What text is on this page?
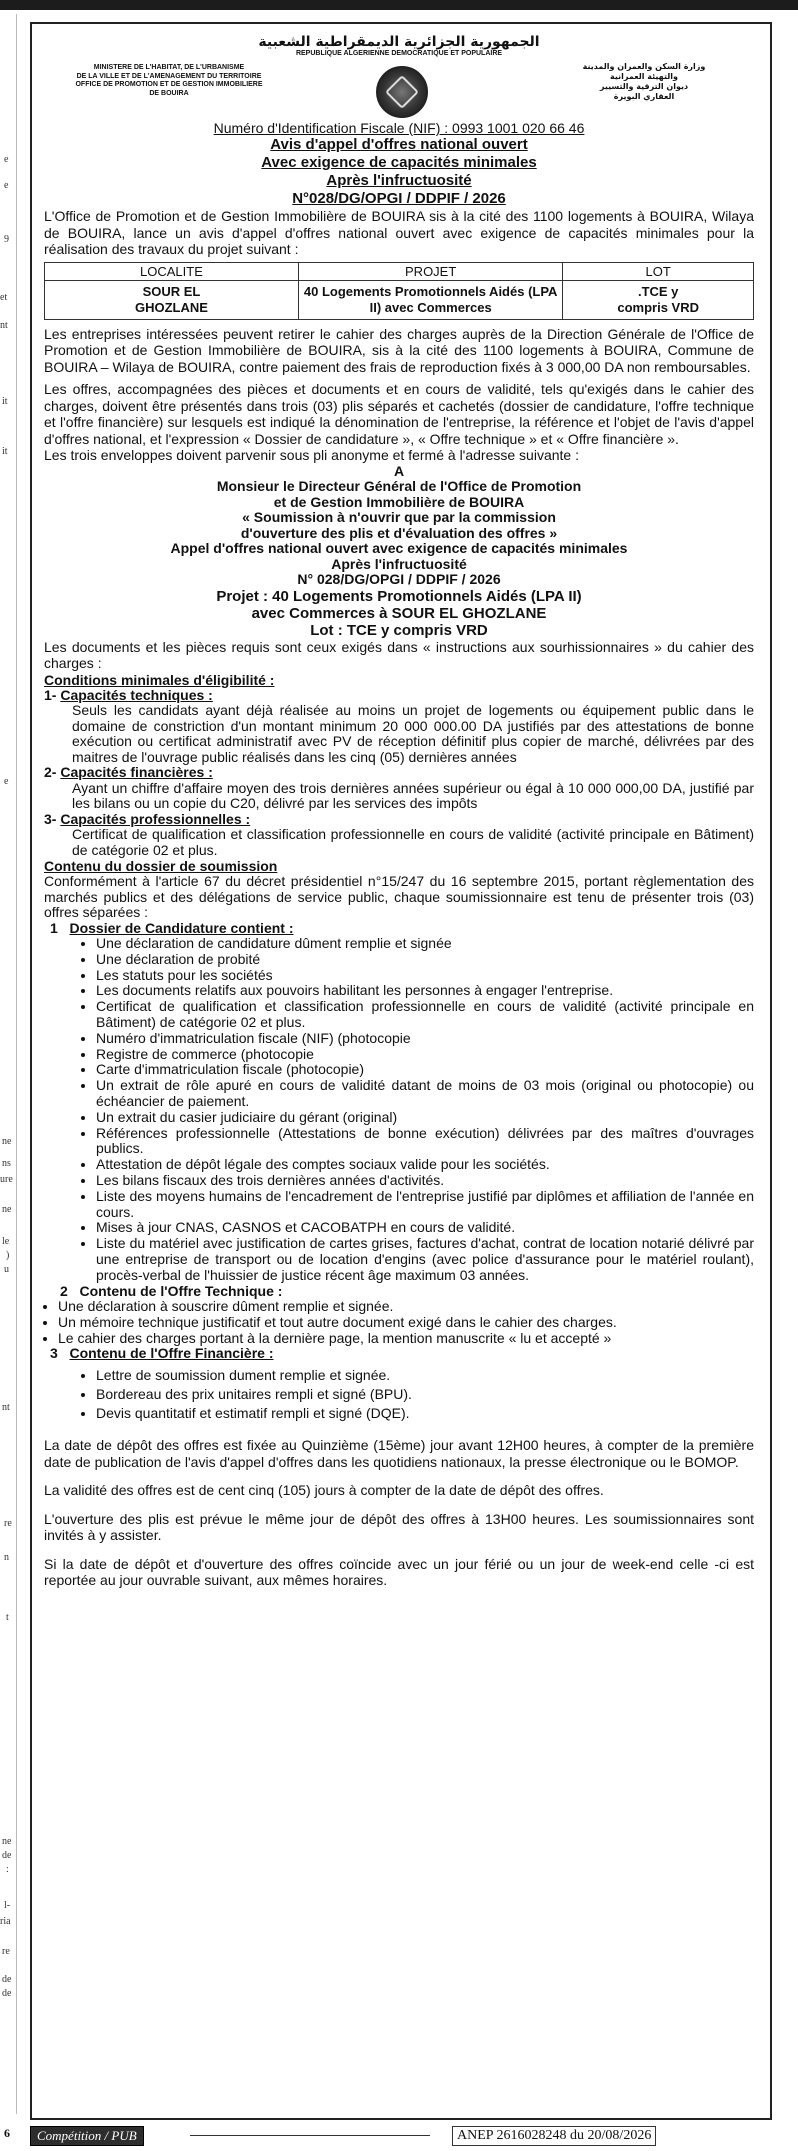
e
e
9
et
nt
it
it
e
ne
ns
ure
ne
le
)
u
nt
re
n
t
ne
de
:
l-
ria
re
de
de
الجمهورية الجزائرية الديمقراطية الشعبية
REPUBLIQUE ALGERIENNE DEMOCRATIQUE ET POPULAIRE
MINISTERE DE L'HABITAT, DE L'URBANISME
DE LA VILLE ET DE L'AMENAGEMENT DU TERRITOIRE
OFFICE DE PROMOTION ET DE GESTION IMMOBILIERE
DE BOUIRA
وزارة السكن والعمران والمدينة
والتهيئة العمرانية
ديوان الترقية والتسيير
العقاري البويرة
Numéro d'Identification Fiscale (NIF) : 0993 1001 020 66 46
Avis d'appel d'offres national ouvert
Avec exigence de capacités minimales
Après l'infructuosité
N°028/DG/OPGI / DDPIF / 2026
L'Office de Promotion et de Gestion Immobilière de BOUIRA sis à la cité des 1100 logements à BOUIRA, Wilaya de BOUIRA, lance un avis d'appel d'offres national ouvert avec exigence de capacités minimales pour la réalisation des travaux du projet suivant :
LOCALITE	PROJET	LOT
SOUR EL GHOZLANE	40 Logements Promotionnels Aidés (LPA II) avec Commerces	.TCE y compris VRD
Les entreprises intéressées peuvent retirer le cahier des charges auprès de la Direction Générale de l'Office de Promotion et de Gestion Immobilière de BOUIRA, sis à la cité des 1100 logements à BOUIRA, Commune de BOUIRA – Wilaya de BOUIRA, contre paiement des frais de reproduction fixés à 3 000,00 DA non remboursables.
Les offres, accompagnées des pièces et documents et en cours de validité, tels qu'exigés dans le cahier des charges, doivent être présentés dans trois (03) plis séparés et cachetés (dossier de candidature, l'offre technique et l'offre financière) sur lesquels est indiqué la dénomination de l'entreprise, la référence et l'objet de l'avis d'appel d'offres national, et l'expression « Dossier de candidature », « Offre technique » et « Offre financière ».
Les trois enveloppes doivent parvenir sous pli anonyme et fermé à l'adresse suivante :
A
Monsieur le Directeur Général de l'Office de Promotion
et de Gestion Immobilière de BOUIRA
« Soumission à n'ouvrir que par la commission
d'ouverture des plis et d'évaluation des offres »
Appel d'offres national ouvert avec exigence de capacités minimales
Après l'infructuosité
N° 028/DG/OPGI / DDPIF / 2026
Projet : 40 Logements Promotionnels Aidés (LPA II)
avec Commerces à SOUR EL GHOZLANE
Lot : TCE y compris VRD
Les documents et les pièces requis sont ceux exigés dans « instructions aux sourhissionnaires » du cahier des charges :
Conditions minimales d'éligibilité :
1- Capacités techniques :
Seuls les candidats ayant déjà réalisée au moins un projet de logements ou équipement public dans le domaine de constriction d'un montant minimum 20 000 000.00 DA justifiés par des attestations de bonne exécution ou certificat administratif avec PV de réception définitif plus copier de marché, délivrées par des maitres de l'ouvrage public réalisés dans les cinq (05) dernières années
2- Capacités financières :
Ayant un chiffre d'affaire moyen des trois dernières années supérieur ou égal à 10 000 000,00 DA, justifié par les bilans ou un copie du C20, délivré par les services des impôts
3- Capacités professionnelles :
Certificat de qualification et classification professionnelle en cours de validité (activité principale en Bâtiment) de catégorie 02 et plus.
Contenu du dossier de soumission
Conformément à l'article 67 du décret présidentiel n°15/247 du 16 septembre 2015, portant règlementation des marchés publics et des délégations de service public, chaque soumissionnaire est tenu de présenter trois (03) offres séparées :
1 Dossier de Candidature contient :
• Une déclaration de candidature dûment remplie et signée
• Une déclaration de probité
• Les statuts pour les sociétés
• Les documents relatifs aux pouvoirs habilitant les personnes à engager l'entreprise.
• Certificat de qualification et classification professionnelle en cours de validité (activité principale en Bâtiment) de catégorie 02 et plus.
• Numéro d'immatriculation fiscale (NIF) (photocopie
• Registre de commerce (photocopie
• Carte d'immatriculation fiscale (photocopie)
• Un extrait de rôle apuré en cours de validité datant de moins de 03 mois (original ou photocopie) ou échéancier de paiement.
• Un extrait du casier judiciaire du gérant (original)
• Références professionnelle (Attestations de bonne exécution) délivrées par des maîtres d'ouvrages publics.
• Attestation de dépôt légale des comptes sociaux valide pour les sociétés.
• Les bilans fiscaux des trois dernières années d'activités.
• Liste des moyens humains de l'encadrement de l'entreprise justifié par diplômes et affiliation de l'année en cours.
• Mises à jour CNAS, CASNOS et CACOBATPH en cours de validité.
• Liste du matériel avec justification de cartes grises, factures d'achat, contrat de location notarié délivré par une entreprise de transport ou de location d'engins (avec police d'assurance pour le matériel roulant), procès-verbal de l'huissier de justice récent âge maximum 03 années.
2 Contenu de l'Offre Technique :
• Une déclaration à souscrire dûment remplie et signée.
• Un mémoire technique justificatif et tout autre document exigé dans le cahier des charges.
• Le cahier des charges portant à la dernière page, la mention manuscrite « lu et accepté »
3 Contenu de l'Offre Financière :
• Lettre de soumission dument remplie et signée.
• Bordereau des prix unitaires rempli et signé (BPU).
• Devis quantitatif et estimatif rempli et signé (DQE).
La date de dépôt des offres est fixée au Quinzième (15ème) jour avant 12H00 heures, à compter de la première date de publication de l'avis d'appel d'offres dans les quotidiens nationaux, la presse électronique ou le BOMOP.
La validité des offres est de cent cinq (105) jours à compter de la date de dépôt des offres.
L'ouverture des plis est prévue le même jour de dépôt des offres à 13H00 heures. Les soumissionnaires sont invités à y assister.
Si la date de dépôt et d'ouverture des offres coïncide avec un jour férié ou un jour de week-end celle -ci est reportée au jour ouvrable suivant, aux mêmes horaires.
6	Compétition / PUB	ANEP 2616028248 du 20/08/2026
